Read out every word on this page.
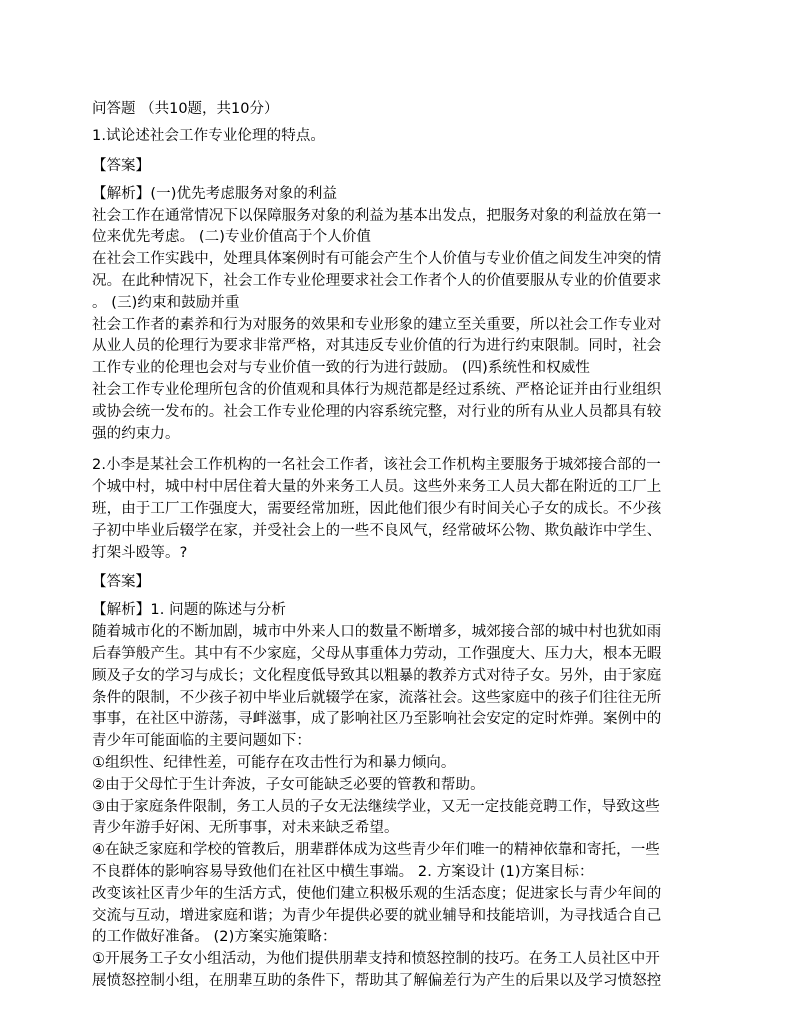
问答题 （共10题，共10分）
1.试论述社会工作专业伦理的特点。
【答案】
【解析】(一)优先考虑服务对象的利益
社会工作在通常情况下以保障服务对象的利益为基本出发点，把服务对象的利益放在第一
位来优先考虑。 (二)专业价值高于个人价值
在社会工作实践中，处理具体案例时有可能会产生个人价值与专业价值之间发生冲突的情
况。在此种情况下，社会工作专业伦理要求社会工作者个人的价值要服从专业的价值要求
。 (三)约束和鼓励并重
社会工作者的素养和行为对服务的效果和专业形象的建立至关重要，所以社会工作专业对
从业人员的伦理行为要求非常严格，对其违反专业价值的行为进行约束限制。同时，社会
工作专业的伦理也会对与专业价值一致的行为进行鼓励。 (四)系统性和权威性
社会工作专业伦理所包含的价值观和具体行为规范都是经过系统、严格论证并由行业组织
或协会统一发布的。社会工作专业伦理的内容系统完整，对行业的所有从业人员都具有较
强的约束力。
2.小李是某社会工作机构的一名社会工作者，该社会工作机构主要服务于城郊接合部的一
个城中村，城中村中居住着大量的外来务工人员。这些外来务工人员大都在附近的工厂上
班，由于工厂工作强度大，需要经常加班，因此他们很少有时间关心子女的成长。不少孩
子初中毕业后辍学在家，并受社会上的一些不良风气，经常破坏公物、欺负敲诈中学生、
打架斗殴等。?
【答案】
【解析】1. 问题的陈述与分析
随着城市化的不断加剧，城市中外来人口的数量不断增多，城郊接合部的城中村也犹如雨
后春笋般产生。其中有不少家庭，父母从事重体力劳动，工作强度大、压力大，根本无暇
顾及子女的学习与成长；文化程度低导致其以粗暴的教养方式对待子女。另外，由于家庭
条件的限制，不少孩子初中毕业后就辍学在家，流落社会。这些家庭中的孩子们往往无所
事事，在社区中游荡，寻衅滋事，成了影响社区乃至影响社会安定的定时炸弹。案例中的
青少年可能面临的主要问题如下：
①组织性、纪律性差，可能存在攻击性行为和暴力倾向。
②由于父母忙于生计奔波，子女可能缺乏必要的管教和帮助。
③由于家庭条件限制，务工人员的子女无法继续学业，又无一定技能竞聘工作，导致这些
青少年游手好闲、无所事事，对未来缺乏希望。
④在缺乏家庭和学校的管教后，朋辈群体成为这些青少年们唯一的精神依靠和寄托，一些
不良群体的影响容易导致他们在社区中横生事端。 2. 方案设计 (1)方案目标：
改变该社区青少年的生活方式，使他们建立积极乐观的生活态度；促进家长与青少年间的
交流与互动，增进家庭和谐；为青少年提供必要的就业辅导和技能培训，为寻找适合自己
的工作做好准备。 (2)方案实施策略：
①开展务工子女小组活动，为他们提供朋辈支持和愤怒控制的技巧。在务工人员社区中开
展愤怒控制小组，在朋辈互助的条件下，帮助其了解偏差行为产生的后果以及学习愤怒控
